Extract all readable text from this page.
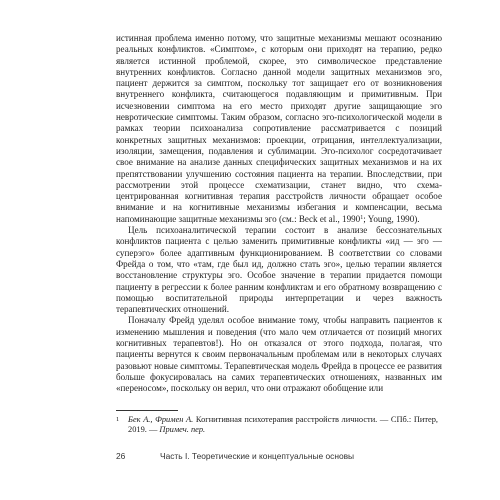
истинная проблема именно потому, что защитные механизмы мешают осознанию реальных конфликтов. «Симптом», с которым они приходят на терапию, редко является истинной проблемой, скорее, это символическое представление внутренних конфликтов. Согласно данной модели защитных механизмов эго, пациент держится за симптом, поскольку тот защищает его от возникновения внутреннего конфликта, считающегося подавляющим и примитивным. При исчезновении симптома на его место приходят другие защищающие эго невротические симптомы. Таким образом, согласно эго-психологической модели в рамках теории психоанализа сопротивление рассматривается с позиций конкретных защитных механизмов: проекции, отрицания, интеллектуализации, изоляции, замещения, подавления и сублимации. Эго-психолог сосредотачивает свое внимание на анализе данных специфических защитных механизмов и на их препятствовании улучшению состояния пациента на терапии. Впоследствии, при рассмотрении этой процессе схематизации, станет видно, что схема-центрированная когнитивная терапия расстройств личности обращает особое внимание и на когнитивные механизмы избегания и компенсации, весьма напоминающие защитные механизмы эго (см.: Beck et al., 1990$^1$; Young, 1990).

Цель психоаналитической терапии состоит в анализе бессознательных конфликтов пациента с целью заменить примитивные конфликты «ид — эго — суперэго» более адаптивным функционированием. В соответствии со словами Фрейда о том, что «там, где был ид, должно стать эго», целью терапии является восстановление структуры эго. Особое значение в терапии придается помощи пациенту в регрессии к более ранним конфликтам и его обратному возвращению с помощью воспитательной природы интерпретации и через важность терапевтических отношений.

Поначалу Фрейд уделял особое внимание тому, чтобы направить пациентов к изменению мышления и поведения (что мало чем отличается от позиций многих когнитивных терапевтов!). Но он отказался от этого подхода, полагая, что пациенты вернутся к своим первоначальным проблемам или в некоторых случаях разовьют новые симптомы. Терапевтическая модель Фрейда в процессе ее развития больше фокусировалась на самих терапевтических отношениях, названных им «переносом», поскольку он верил, что они отражают обобщение или

1 Бек А., Фримен А. Когнитивная психотерапия расстройств личности. — СПб.: Питер, 2019. — Примеч. пер.
26	Часть I. Теоретические и концептуальные основы
